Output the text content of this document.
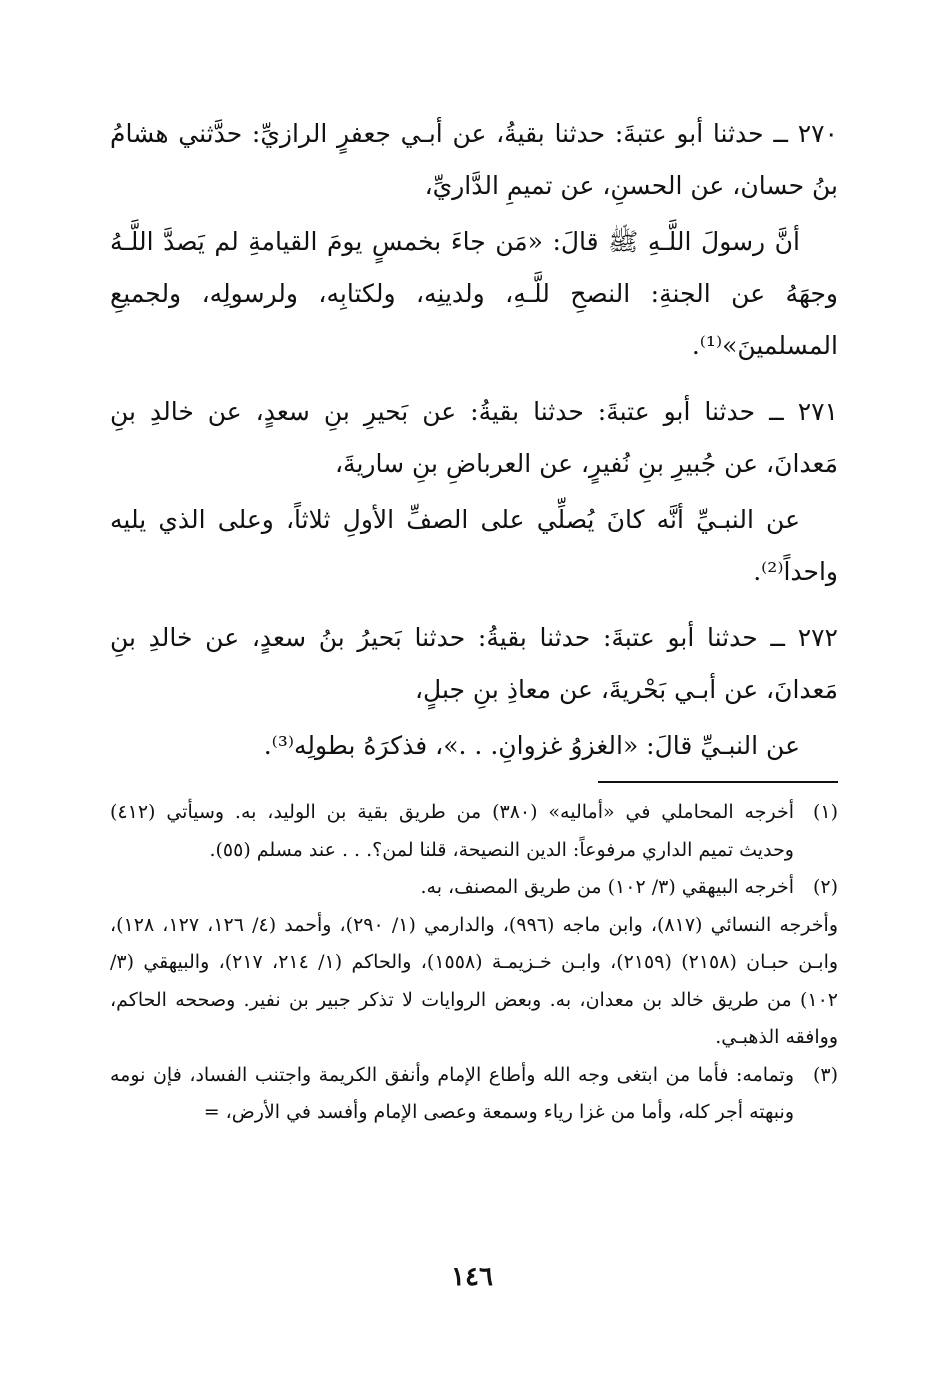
٢٧٠ ــ حدثنا أبو عتبةَ: حدثنا بقيةُ، عن أبـي جعفرٍ الرازيِّ: حدَّثني هشامُ بنُ حسان، عن الحسنِ، عن تميمِ الدَّاريِّ،

أنَّ رسولَ اللَّـهِ ﷺ قالَ: «مَن جاءَ بخمسٍ يومَ القيامةِ لم يَصدَّ اللَّـهُ وجهَهُ عن الجنةِ: النصحِ للَّـهِ، ولدينِه، ولكتابِه، ولرسولِه، ولجميعِ المسلمينَ»⁽¹⁾.

٢٧١ ــ حدثنا أبو عتبةَ: حدثنا بقيةُ: عن بَحيرِ بنِ سعدٍ، عن خالدِ بنِ مَعدانَ، عن جُبيرِ بنِ نُفيرٍ، عن العرباضِ بنِ ساريةَ،

عن النبـيِّ أنَّه كانَ يُصلِّي على الصفِّ الأولِ ثلاثاً، وعلى الذي يليه واحداً⁽²⁾.

٢٧٢ ــ حدثنا أبو عتبةَ: حدثنا بقيةُ: حدثنا بَحيرُ بنُ سعدٍ، عن خالدِ بنِ مَعدانَ، عن أبـي بَحْريةَ، عن معاذِ بنِ جبلٍ،

عن النبـيِّ قالَ: «الغزوُ غزوانِ. . .»، فذكرَهُ بطولِه⁽³⁾.

(١)

أخرجه المحاملي في «أماليه» (٣٨٠) من طريق بقية بن الوليد، به. وسيأتي (٤١٢) وحديث تميم الداري مرفوعاً: الدين النصيحة، قلنا لمن؟. . . عند مسلم (٥٥).

(٢)

أخرجه البيهقي (٣/ ١٠٢) من طريق المصنف، به.

وأخرجه النسائي (٨١٧)، وابن ماجه (٩٩٦)، والدارمي (١/ ٢٩٠)، وأحمد (٤/ ١٢٦، ١٢٧، ١٢٨)، وابـن حبـان (٢١٥٨) (٢١٥٩)، وابـن خـزيمـة (١٥٥٨)، والحاكم (١/ ٢١٤، ٢١٧)، والبيهقي (٣/ ١٠٢) من طريق خالد بن معدان، به. وبعض الروايات لا تذكر جبير بن نفير. وصححه الحاكم، ووافقه الذهبـي.

(٣)

وتمامه: فأما من ابتغى وجه الله وأطاع الإمام وأنفق الكريمة واجتنب الفساد، فإن نومه ونبهته أجر كله، وأما من غزا رياء وسمعة وعصى الإمام وأفسد في الأرض، =

١٤٦
